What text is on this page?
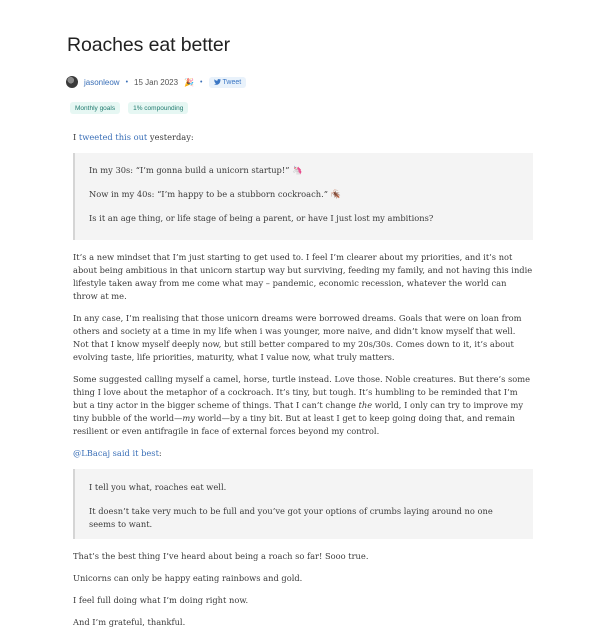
Roaches eat better
jasonleow • 15 Jan 2023 🎉 •	Tweet
Monthly goals	1% compounding

I tweeted this out yesterday:

In my 30s: “I’m gonna build a unicorn startup!” 🦄

Now in my 40s: “I’m happy to be a stubborn cockroach.” 🪳

Is it an age thing, or life stage of being a parent, or have I just lost my ambitions?

It’s a new mindset that I’m just starting to get used to. I feel I’m clearer about my priorities, and it’s not about being ambitious in that unicorn startup way but surviving, feeding my family, and not having this indie lifestyle taken away from me come what may – pandemic, economic recession, whatever the world can throw at me.

In any case, I’m realising that those unicorn dreams were borrowed dreams. Goals that were on loan from others and society at a time in my life when i was younger, more naive, and didn’t know myself that well. Not that I know myself deeply now, but still better compared to my 20s/30s. Comes down to it, it’s about evolving taste, life priorities, maturity, what I value now, what truly matters.

Some suggested calling myself a camel, horse, turtle instead. Love those. Noble creatures. But there’s some thing I love about the metaphor of a cockroach. It’s tiny, but tough. It’s humbling to be reminded that I’m but a tiny actor in the bigger scheme of things. That I can’t change the world, I only can try to improve my tiny bubble of the world—my world—by a tiny bit. But at least I get to keep going doing that, and remain resilient or even antifragile in face of external forces beyond my control.

@LBacaj said it best:

I tell you what, roaches eat well.

It doesn’t take very much to be full and you’ve got your options of crumbs laying around no one seems to want.

That’s the best thing I’ve heard about being a roach so far! Sooo true.

Unicorns can only be happy eating rainbows and gold.

I feel full doing what I’m doing right now.

And I’m grateful, thankful.
